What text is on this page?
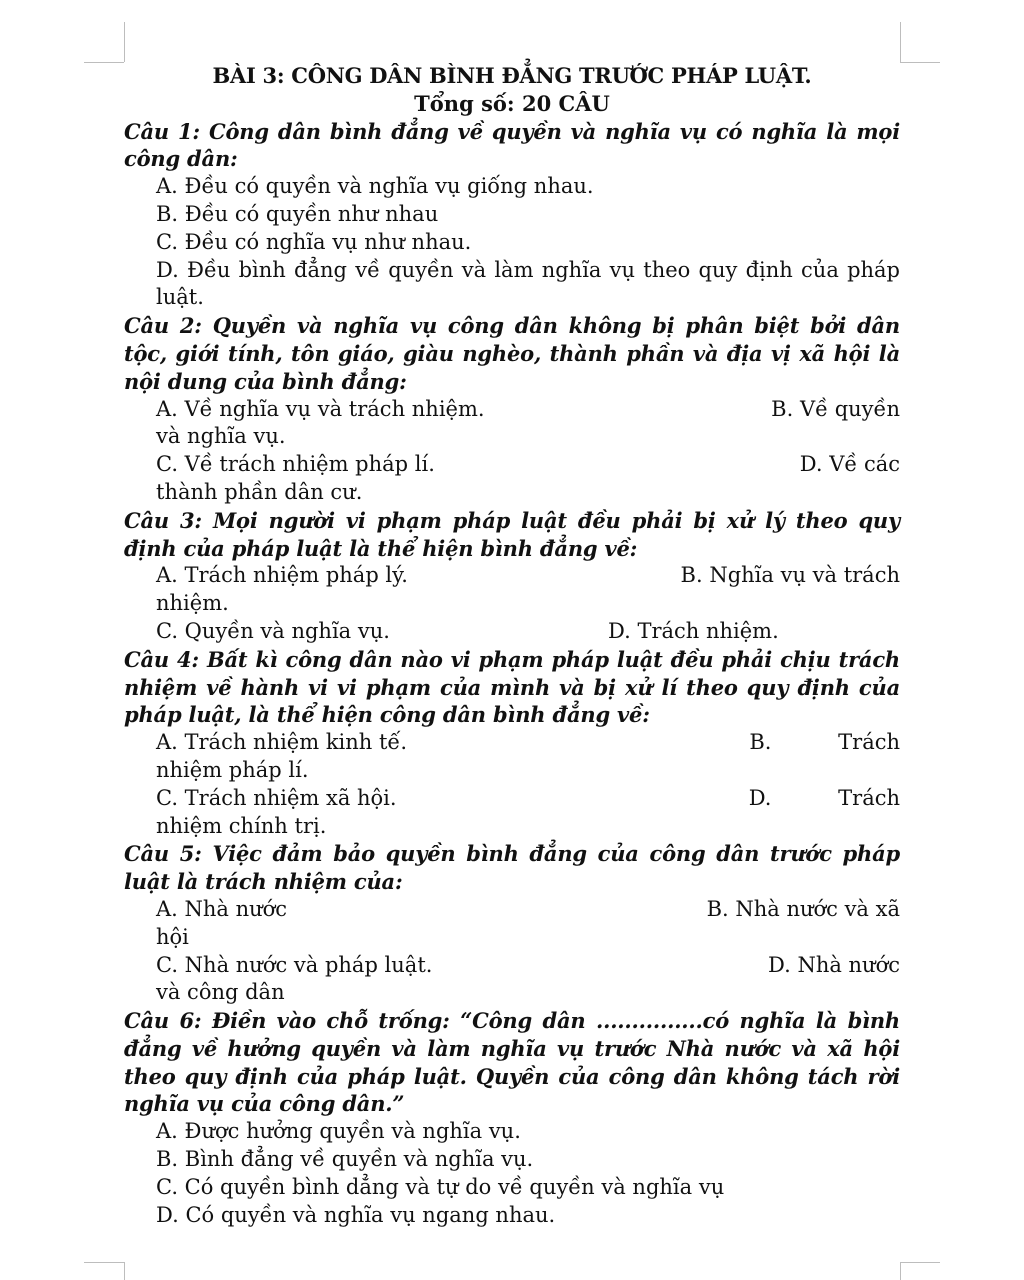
BÀI 3: CÔNG DÂN BÌNH ĐẲNG TRƯỚC PHÁP LUẬT.
Tổng số: 20 CÂU
Câu 1: Công dân bình đẳng về quyền và nghĩa vụ có nghĩa là mọi công dân:
A. Đều có quyền và nghĩa vụ giống nhau.
B. Đều có quyền như nhau
C. Đều có nghĩa vụ như nhau.
D. Đều bình đẳng về quyền và làm nghĩa vụ theo quy định của pháp luật.
Câu 2: Quyền và nghĩa vụ công dân không bị phân biệt bởi dân tộc, giới tính, tôn giáo, giàu nghèo, thành phần và địa vị xã hội là nội dung của bình đẳng:
A. Về nghĩa vụ và trách nhiệm.	B. Về quyền
và nghĩa vụ.
C. Về trách nhiệm pháp lí.	D. Về các
thành phần dân cư.
Câu 3: Mọi người vi phạm pháp luật đều phải bị xử lý theo quy định của pháp luật là thể hiện bình đẳng về:
A. Trách nhiệm pháp lý.	B. Nghĩa vụ và trách
nhiệm.
C. Quyền và nghĩa vụ.	D. Trách nhiệm.
Câu 4: Bất kì công dân nào vi phạm pháp luật đều phải chịu trách nhiệm về hành vi vi phạm của mình và bị xử lí theo quy định của pháp luật, là thể hiện công dân bình đẳng về:
A. Trách nhiệm kinh tế.	B. Trách
nhiệm pháp lí.
C. Trách nhiệm xã hội.	D. Trách
nhiệm chính trị.
Câu 5: Việc đảm bảo quyền bình đẳng của công dân trước pháp luật là trách nhiệm của:
A. Nhà nước	B. Nhà nước và xã
hội
C. Nhà nước và pháp luật.	D. Nhà nước
và công dân
Câu 6: Điền vào chỗ trống: “Công dân ...............có nghĩa là bình đẳng về hưởng quyền và làm nghĩa vụ trước Nhà nước và xã hội theo quy định của pháp luật. Quyền của công dân không tách rời nghĩa vụ của công dân.”
A. Được hưởng quyền và nghĩa vụ.
B. Bình đẳng về quyền và nghĩa vụ.
C. Có quyền bình dẳng và tự do về quyền và nghĩa vụ
D. Có quyền và nghĩa vụ ngang nhau.
